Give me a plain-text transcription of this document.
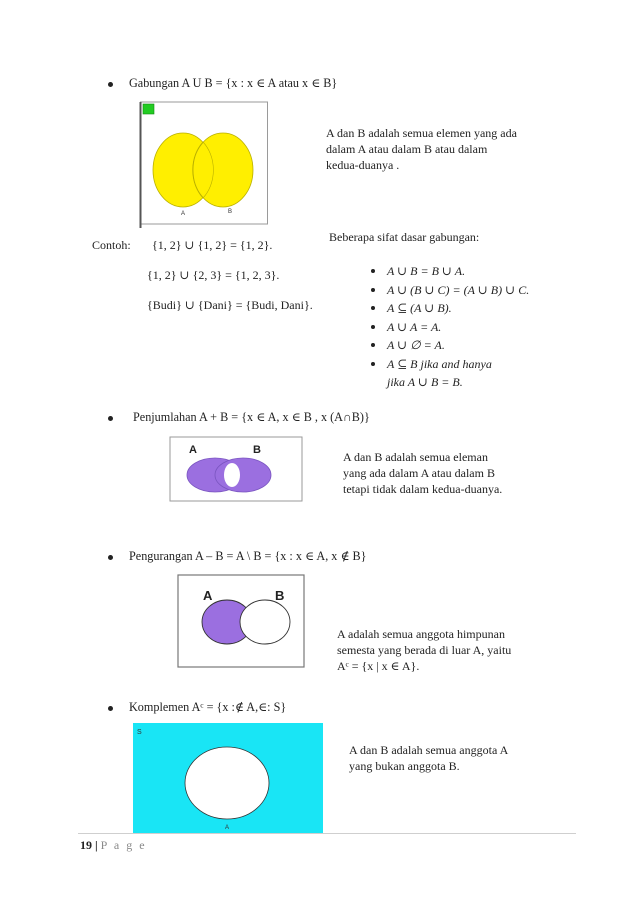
Gabungan A U B = {x : x ∈ A atau x ∈ B}
A	B
A dan B adalah semua elemen yang ada
dalam A atau dalam B atau dalam
kedua-duanya .
Contoh: {1, 2} ∪ {1, 2} = {1, 2}.
{1, 2} ∪ {2, 3} = {1, 2, 3}.
{Budi} ∪ {Dani} = {Budi, Dani}.
Beberapa sifat dasar gabungan:
A ∪ B = B ∪ A.
A ∪ (B ∪ C) = (A ∪ B) ∪ C.
A ⊆ (A ∪ B).
A ∪ A = A.
A ∪ ∅ = A.
A ⊆ B jika and hanya
jika A ∪ B = B.
Penjumlahan A + B = {x ∈ A, x ∈ B , x (A∩B)}
A	B	A dan B adalah semua eleman
yang ada dalam A atau dalam B
tetapi tidak dalam kedua-duanya.
Pengurangan A – B = A \ B = {x : x ∈ A, x ∉ B}
A	B
A adalah semua anggota himpunan
semesta yang berada di luar A, yaitu
Aᶜ = {x | x ∈ A}.
Komplemen Aᶜ = {x :∉ A,∈: S}
S
A
A dan B adalah semua anggota A
yang bukan anggota B.
19 | P a g e
